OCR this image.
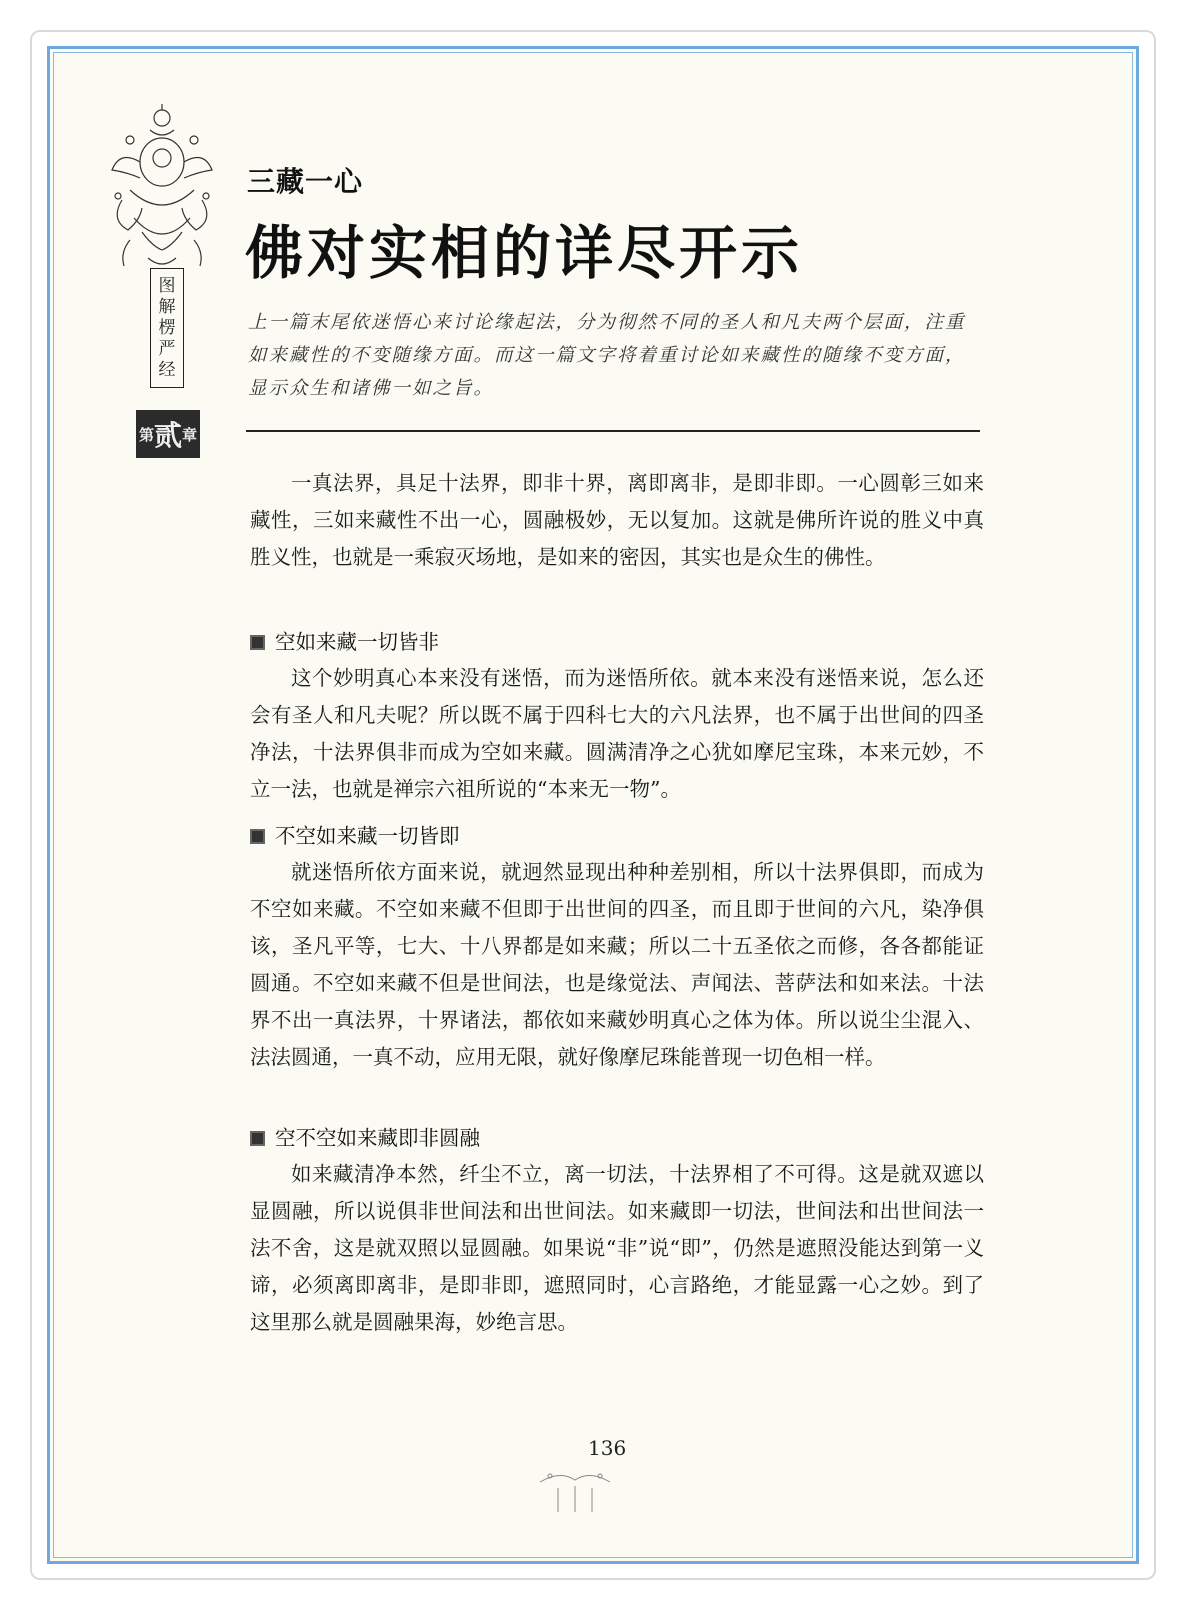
图
解
楞
严
经
第 贰 章
三藏一心
佛对实相的详尽开示
上一篇末尾依迷悟心来讨论缘起法，分为彻然不同的圣人和凡夫两个层面，注重如来藏性的不变随缘方面。而这一篇文字将着重讨论如来藏性的随缘不变方面，显示众生和诸佛一如之旨。

一真法界，具足十法界，即非十界，离即离非，是即非即。一心圆彰三如来藏性，三如来藏性不出一心，圆融极妙，无以复加。这就是佛所许说的胜义中真胜义性，也就是一乘寂灭场地，是如来的密因，其实也是众生的佛性。

空如来藏一切皆非

这个妙明真心本来没有迷悟，而为迷悟所依。就本来没有迷悟来说，怎么还会有圣人和凡夫呢？所以既不属于四科七大的六凡法界，也不属于出世间的四圣净法，十法界俱非而成为空如来藏。圆满清净之心犹如摩尼宝珠，本来元妙，不立一法，也就是禅宗六祖所说的“本来无一物”。

不空如来藏一切皆即

就迷悟所依方面来说，就迥然显现出种种差别相，所以十法界俱即，而成为不空如来藏。不空如来藏不但即于出世间的四圣，而且即于世间的六凡，染净俱该，圣凡平等，七大、十八界都是如来藏；所以二十五圣依之而修，各各都能证圆通。不空如来藏不但是世间法，也是缘觉法、声闻法、菩萨法和如来法。十法界不出一真法界，十界诸法，都依如来藏妙明真心之体为体。所以说尘尘混入、法法圆通，一真不动，应用无限，就好像摩尼珠能普现一切色相一样。

空不空如来藏即非圆融

如来藏清净本然，纤尘不立，离一切法，十法界相了不可得。这是就双遮以显圆融，所以说俱非世间法和出世间法。如来藏即一切法，世间法和出世间法一法不舍，这是就双照以显圆融。如果说“非”说“即”，仍然是遮照没能达到第一义谛，必须离即离非，是即非即，遮照同时，心言路绝，才能显露一心之妙。到了这里那么就是圆融果海，妙绝言思。

136
